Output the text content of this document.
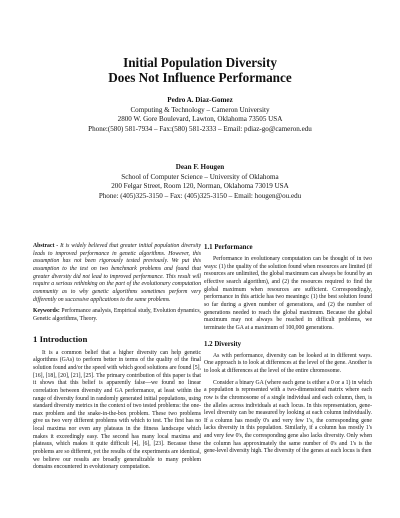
Initial Population Diversity
Does Not Influence Performance
Pedro A. Diaz-Gomez
Computing & Technology – Cameron University
2800 W. Gore Boulevard, Lawton, Oklahoma 73505 USA
Phone:(580) 581-7934 – Fax:(580) 581-2333 – Email: pdiaz-go@cameron.edu
Dean F. Hougen
School of Computer Science – University of Oklahoma
200 Felgar Street, Room 120, Norman, Oklahoma 73019 USA
Phone: (405)325-3150 – Fax: (405)325-3150 – Email: hougen@ou.edu

Abstract - It is widely believed that greater initial population diversity leads to improved performance in genetic algorithms. However, this assumption has not been rigorously tested previously. We put this assumption to the test on two benchmark problems and found that greater diversity did not lead to improved performance. This result will require a serious rethinking on the part of the evolutionary computation community as to why genetic algorithms sometimes perform very differently on successive applications to the same problems.

Keywords: Performance analysis, Empirical study, Evolution dynamics, Genetic algorithms, Theory.

1 Introduction

It is a common belief that a higher diversity can help genetic algorithms (GAs) to perform better in terms of the quality of the final solution found and/or the speed with which good solutions are found [5], [16], [18], [20], [21], [25]. The primary contribution of this paper is that it shows that this belief is apparently false—we found no linear correlation between diversity and GA performance, at least within the range of diversity found in randomly generated initial populations, using standard diversity metrics in the context of two tested problems: the one-max problem and the snake-in-the-box problem. These two problems give us two very different problems with which to test. The first has no local maxima nor even any plateaus in the fitness landscape which makes it exceedingly easy. The second has many local maxima and plateaus, which makes it quite difficult [4], [6], [23]. Because these problems are so different, yet the results of the experiments are identical, we believe our results are broadly generalizable to many problem domains encountered in evolutionary computation.

1.1 Performance

Performance in evolutionary computation can be thought of in two ways: (1) the quality of the solution found when resources are limited (if resources are unlimited, the global maximum can always be found by an effective search algorithm), and (2) the resources required to find the global maximum when resources are sufficient. Correspondingly, performance in this article has two meanings: (1) the best solution found so far during a given number of generations, and (2) the number of generations needed to reach the global maximum. Because the global maximum may not always be reached in difficult problems, we terminate the GA at a maximum of 100,000 generations.

1.2 Diversity

As with performance, diversity can be looked at in different ways. One approach is to look at differences at the level of the gene. Another is to look at differences at the level of the entire chromosome.

Consider a binary GA (where each gene is either a 0 or a 1) in which a population is represented with a two-dimensional matrix where each row is the chromosome of a single individual and each column, then, is the alleles across individuals at each locus. In this representation, gene-level diversity can be measured by looking at each column individually. If a column has mostly 0's and very few 1's, the corresponding gene lacks diversity in this population. Similarly, if a column has mostly 1's and very few 0's, the corresponding gene also lacks diversity. Only when the column has approximately the same number of 0's and 1's is the gene-level diversity high. The diversity of the genes at each locus is then
